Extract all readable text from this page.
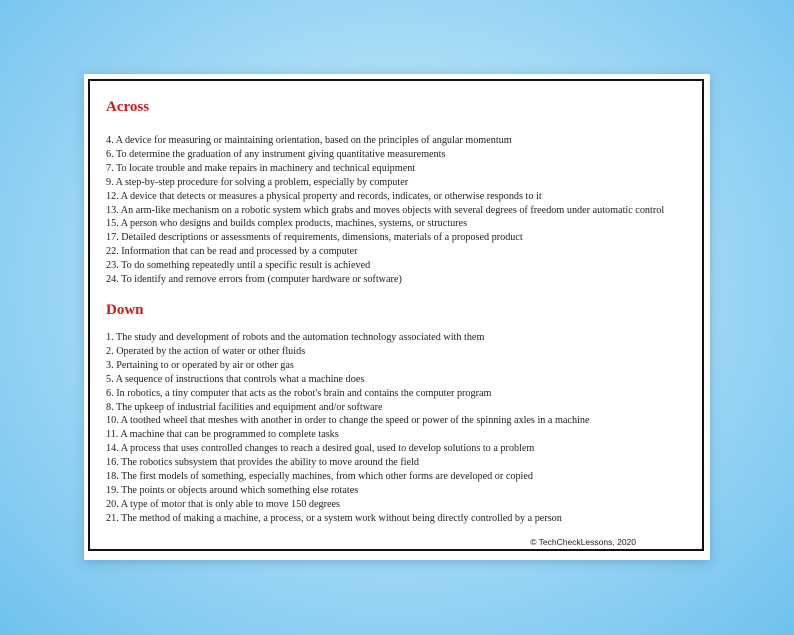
Across
4. A device for measuring or maintaining orientation, based on the principles of angular momentum
6. To determine the graduation of any instrument giving quantitative measurements
7. To locate trouble and make repairs in machinery and technical equipment
9. A step-by-step procedure for solving a problem, especially by computer
12. A device that detects or measures a physical property and records, indicates, or otherwise responds to it
13. An arm-like mechanism on a robotic system which grabs and moves objects with several degrees of freedom under automatic control
15. A person who designs and builds complex products, machines, systems, or structures
17. Detailed descriptions or assessments of requirements, dimensions, materials of a proposed product
22. Information that can be read and processed by a computer
23. To do something repeatedly until a specific result is achieved
24. To identify and remove errors from (computer hardware or software)
Down
1. The study and development of robots and the automation technology associated with them
2. Operated by the action of water or other fluids
3. Pertaining to or operated by air or other gas
5. A sequence of instructions that controls what a machine does
6. In robotics, a tiny computer that acts as the robot's brain and contains the computer program
8. The upkeep of industrial facilities and equipment and/or software
10. A toothed wheel that meshes with another in order to change the speed or power of the spinning axles in a machine
11. A machine that can be programmed to complete tasks
14. A process that uses controlled changes to reach a desired goal, used to develop solutions to a problem
16. The robotics subsystem that provides the ability to move around the field
18. The first models of something, especially machines, from which other forms are developed or copied
19. The points or objects around which something else rotates
20. A type of motor that is only able to move 150 degrees
21. The method of making a machine, a process, or a system work without being directly controlled by a person
© TechCheckLessons, 2020
